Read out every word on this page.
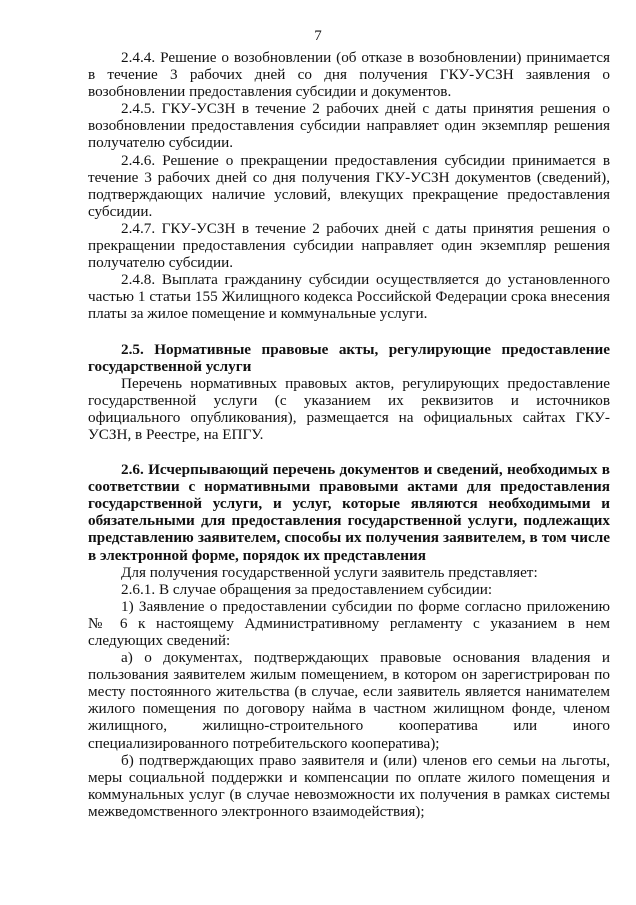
7

2.4.4. Решение о возобновлении (об отказе в возобновлении) принимается в течение 3 рабочих дней со дня получения ГКУ-УСЗН заявления о возобновлении предоставления субсидии и документов.

2.4.5. ГКУ-УСЗН в течение 2 рабочих дней с даты принятия решения о возобновлении предоставления субсидии направляет один экземпляр решения получателю субсидии.

2.4.6. Решение о прекращении предоставления субсидии принимается в течение 3 рабочих дней со дня получения ГКУ-УСЗН документов (сведений), подтверждающих наличие условий, влекущих прекращение предоставления субсидии.

2.4.7. ГКУ-УСЗН в течение 2 рабочих дней с даты принятия решения о прекращении предоставления субсидии направляет один экземпляр решения получателю субсидии.

2.4.8. Выплата гражданину субсидии осуществляется до установленного частью 1 статьи 155 Жилищного кодекса Российской Федерации срока внесения платы за жилое помещение и коммунальные услуги.

2.5. Нормативные правовые акты, регулирующие предоставление государственной услуги

Перечень нормативных правовых актов, регулирующих предоставление государственной услуги (с указанием их реквизитов и источников официального опубликования), размещается на официальных сайтах ГКУ-УСЗН, в Реестре, на ЕПГУ.

2.6. Исчерпывающий перечень документов и сведений, необходимых в соответствии с нормативными правовыми актами для предоставления государственной услуги, и услуг, которые являются необходимыми и обязательными для предоставления государственной услуги, подлежащих представлению заявителем, способы их получения заявителем, в том числе в электронной форме, порядок их представления

Для получения государственной услуги заявитель представляет:

2.6.1. В случае обращения за предоставлением субсидии:

1) Заявление о предоставлении субсидии по форме согласно приложению № 6 к настоящему Административному регламенту с указанием в нем следующих сведений:

а) о документах, подтверждающих правовые основания владения и пользования заявителем жилым помещением, в котором он зарегистрирован по месту постоянного жительства (в случае, если заявитель является нанимателем жилого помещения по договору найма в частном жилищном фонде, членом жилищного, жилищно-строительного кооператива или иного специализированного потребительского кооператива);

б) подтверждающих право заявителя и (или) членов его семьи на льготы, меры социальной поддержки и компенсации по оплате жилого помещения и коммунальных услуг (в случае невозможности их получения в рамках системы межведомственного электронного взаимодействия);
